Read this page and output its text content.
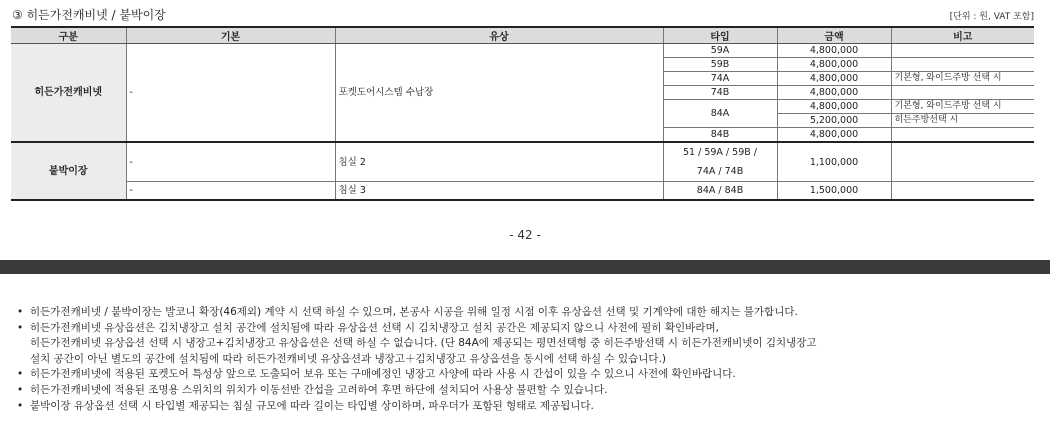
③ 히든가전캐비넷 / 붙박이장	[단위 : 원, VAT 포함]
구분	기본	유상	타입	금액	비고
히든가전캐비넷	-	포켓도어시스템 수납장	59A	4,800,000	
			59B	4,800,000	
			74A	4,800,000	기본형, 와이드주방 선택 시
			74B	4,800,000	
			84A	4,800,000	기본형, 와이드주방 선택 시
				5,200,000	히든주방선택 시
			84B	4,800,000	
붙박이장	-	침실 2	51 / 59A / 59B /
74A / 74B	1,100,000	
	-	침실 3	84A / 84B	1,500,000	
- 42 -
• 히든가전캐비넷 / 붙박이장는 발코니 확장(46제외) 계약 시 선택 하실 수 있으며, 본공사 시공을 위해 일정 시점 이후 유상옵션 선택 및 기계약에 대한 해지는 불가합니다.
• 히든가전캐비넷 유상옵션은 김치냉장고 설치 공간에 설치됨에 따라 유상옵션 선택 시 김치냉장고 설치 공간은 제공되지 않으니 사전에 필히 확인바라며,
히든가전캐비넷 유상옵션 선택 시 냉장고+김치냉장고 유상옵션은 선택 하실 수 없습니다. (단 84A에 제공되는 평면선택형 중 히든주방선택 시 히든가전캐비넷이 김치냉장고
설치 공간이 아닌 별도의 공간에 설치됨에 따라 히든가전캐비넷 유상옵션과 냉장고＋김치냉장고 유상옵션을 동시에 선택 하실 수 있습니다.)
• 히든가전캐비넷에 적용된 포켓도어 특성상 앞으로 도출되어 보유 또는 구매예정인 냉장고 사양에 따라 사용 시 간섭이 있을 수 있으니 사전에 확인바랍니다.
• 히든가전캐비넷에 적용된 조명용 스위치의 위치가 이동선반 간섭을 고려하여 후면 하단에 설치되어 사용상 불편할 수 있습니다.
• 붙박이장 유상옵션 선택 시 타입별 제공되는 침실 규모에 따라 길이는 타입별 상이하며, 파우더가 포함된 형태로 제공됩니다.
